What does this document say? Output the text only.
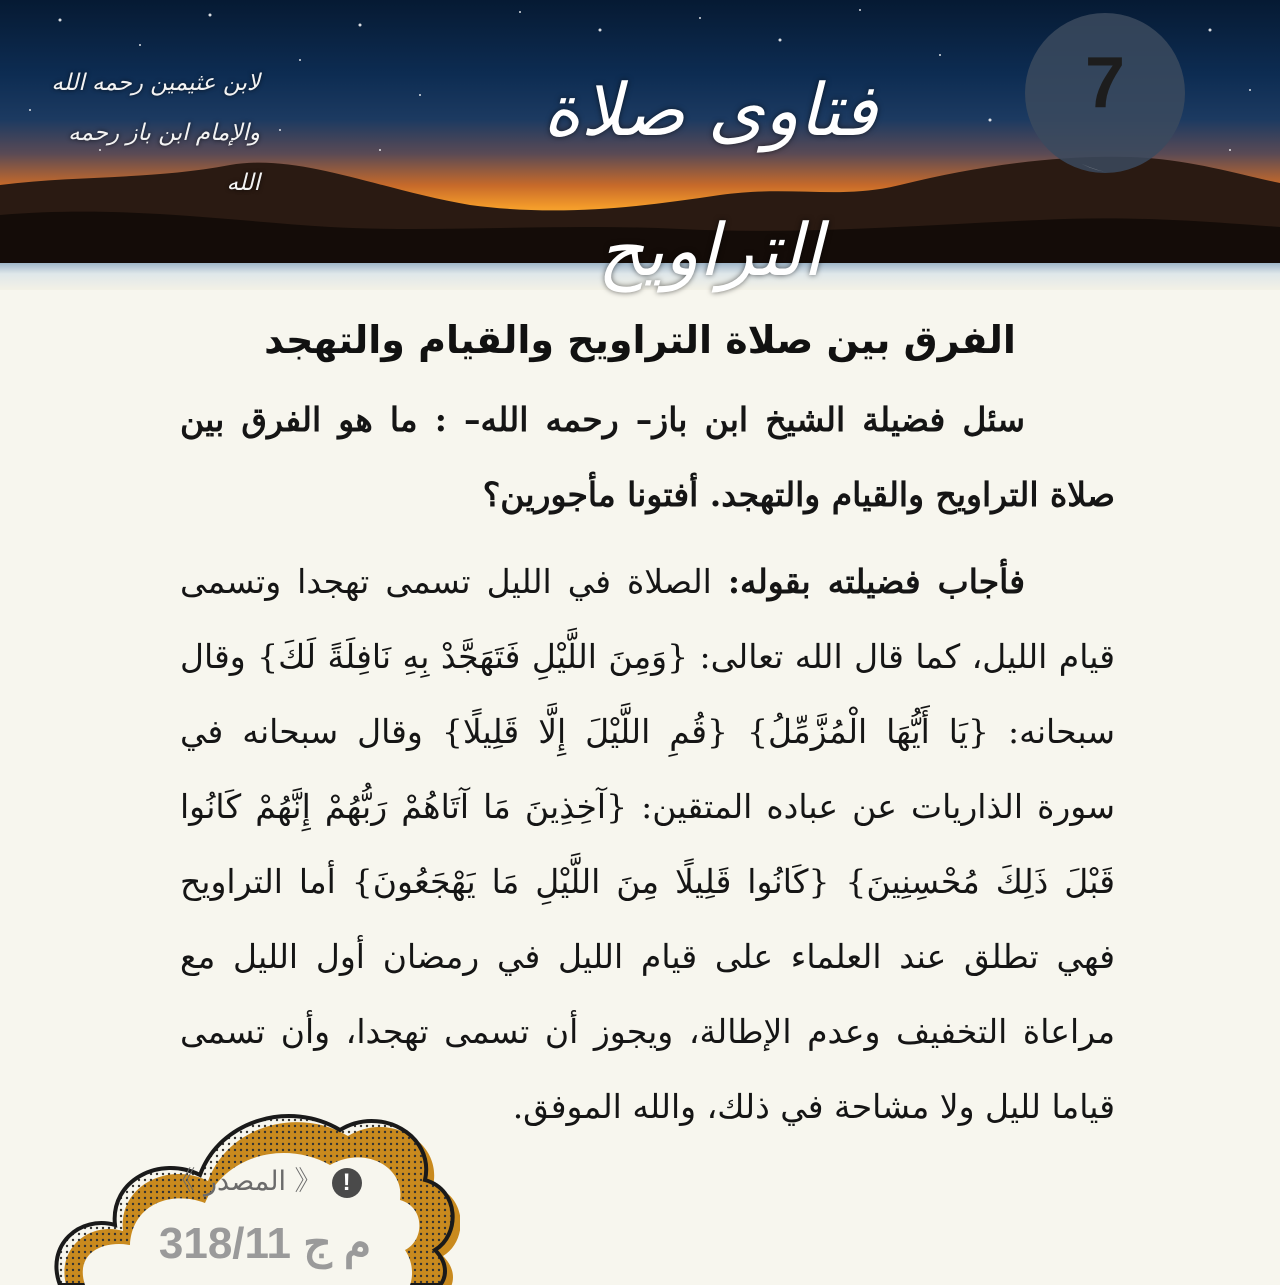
فتاوى صلاة التراويح
لابن عثيمين رحمه الله
والإمام ابن باز رحمه الله
7
الفرق بين صلاة التراويح والقيام والتهجد
سئل فضيلة الشيخ ابن باز– رحمه الله– : ما هو الفرق بين صلاة التراويح والقيام والتهجد. أفتونا مأجورين؟
فأجاب فضيلته بقوله: الصلاة في الليل تسمى تهجدا وتسمى قيام الليل، كما قال الله تعالى: {وَمِنَ اللَّيْلِ فَتَهَجَّدْ بِهِ نَافِلَةً لَكَ} وقال سبحانه: {يَا أَيُّهَا الْمُزَّمِّلُ} {قُمِ اللَّيْلَ إِلَّا قَلِيلًا} وقال سبحانه في سورة الذاريات عن عباده المتقين: {آخِذِينَ مَا آتَاهُمْ رَبُّهُمْ إِنَّهُمْ كَانُوا قَبْلَ ذَلِكَ مُحْسِنِينَ} {كَانُوا قَلِيلًا مِنَ اللَّيْلِ مَا يَهْجَعُونَ} أما التراويح فهي تطلق عند العلماء على قيام الليل في رمضان أول الليل مع مراعاة التخفيف وعدم الإطالة، ويجوز أن تسمى تهجدا، وأن تسمى قياما لليل ولا مشاحة في ذلك، والله الموفق.
!《 المصدر 》
م ج 318/11
